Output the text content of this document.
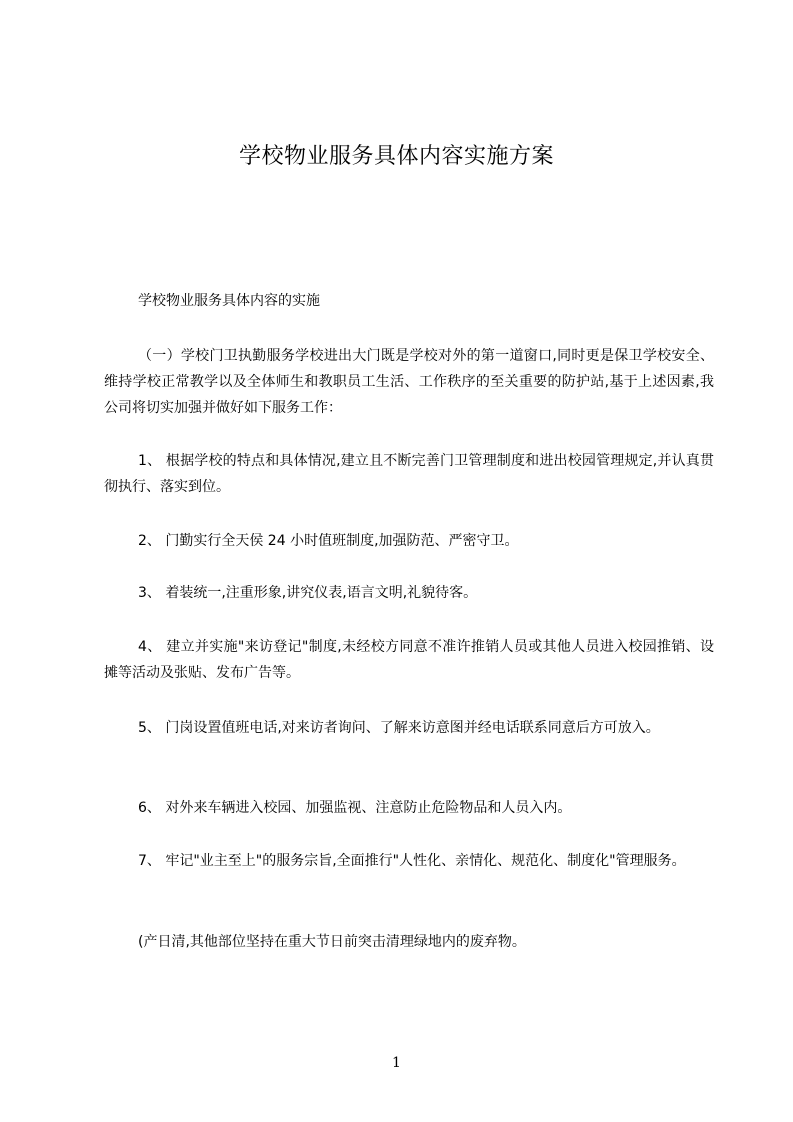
学校物业服务具体内容实施方案
学校物业服务具体内容的实施
（一）学校门卫执勤服务学校进出大门既是学校对外的第一道窗口,同时更是保卫学校安全、维持学校正常教学以及全体师生和教职员工生活、工作秩序的至关重要的防护站,基于上述因素,我公司将切实加强并做好如下服务工作：
1、 根据学校的特点和具体情况,建立且不断完善门卫管理制度和进出校园管理规定,并认真贯彻执行、落实到位。
2、 门勤实行全天侯 24 小时值班制度,加强防范、严密守卫。
3、 着装统一,注重形象,讲究仪表,语言文明,礼貌待客。
4、 建立并实施"来访登记"制度,未经校方同意不准许推销人员或其他人员进入校园推销、设摊等活动及张贴、发布广告等。
5、 门岗设置值班电话,对来访者询问、了解来访意图并经电话联系同意后方可放入。
6、 对外来车辆进入校园、加强监视、注意防止危险物品和人员入内。
7、 牢记"业主至上"的服务宗旨,全面推行"人性化、亲情化、规范化、制度化"管理服务。
(产日清,其他部位坚持在重大节日前突击清理绿地内的废弃物。
1
